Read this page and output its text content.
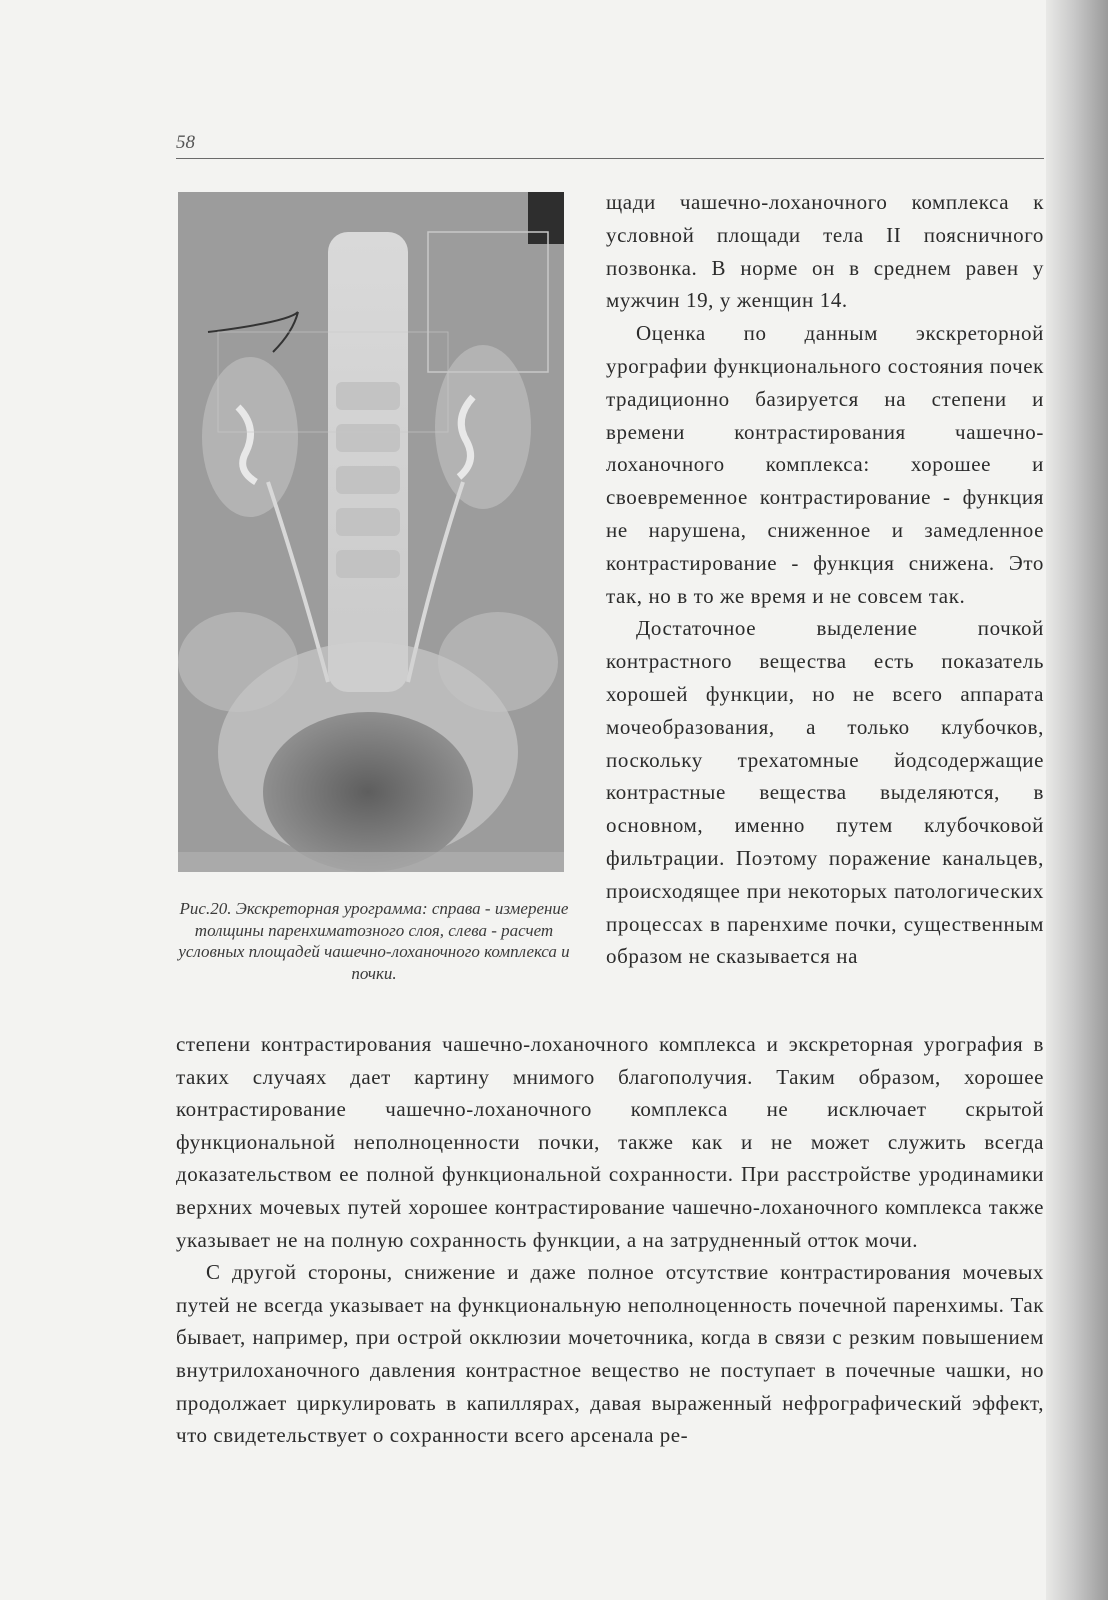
58
Рис.20. Экскреторная урограмма: справа - измерение толщины паренхиматозного слоя, слева - расчет условных площадей чашечно-лоханочного комплекса и почки.

щади чашечно-лоханочного комплекса к условной площади тела II поясничного позвонка. В норме он в среднем равен у мужчин 19, у женщин 14.

Оценка по данным экскреторной урографии функционального состояния почек традиционно базируется на степени и времени контрастирования чашечно-лоханочного комплекса: хорошее и своевременное контрастирование - функция не нарушена, сниженное и замедленное контрастирование - функция снижена. Это так, но в то же время и не совсем так.

Достаточное выделение почкой контрастного вещества есть показатель хорошей функции, но не всего аппарата мочеобразования, а только клубочков, поскольку трехатомные йодсодержащие контрастные вещества выделяются, в основном, именно путем клубочковой фильтрации. Поэтому поражение канальцев, происходящее при некоторых патологических процессах в паренхиме почки, существенным образом не сказывается на

степени контрастирования чашечно-лоханочного комплекса и экскреторная урография в таких случаях дает картину мнимого благополучия. Таким образом, хорошее контрастирование чашечно-лоханочного комплекса не исключает скрытой функциональной неполноценности почки, также как и не может служить всегда доказательством ее полной функциональной сохранности. При расстройстве уродинамики верхних мочевых путей хорошее контрастирование чашечно-лоханочного комплекса также указывает не на полную сохранность функции, а на затрудненный отток мочи.

С другой стороны, снижение и даже полное отсутствие контрастирования мочевых путей не всегда указывает на функциональную неполноценность почечной паренхимы. Так бывает, например, при острой окклюзии мочеточника, когда в связи с резким повышением внутрилоханочного давления контрастное вещество не поступает в почечные чашки, но продолжает циркулировать в капиллярах, давая выраженный нефрографический эффект, что свидетельствует о сохранности всего арсенала ре-
